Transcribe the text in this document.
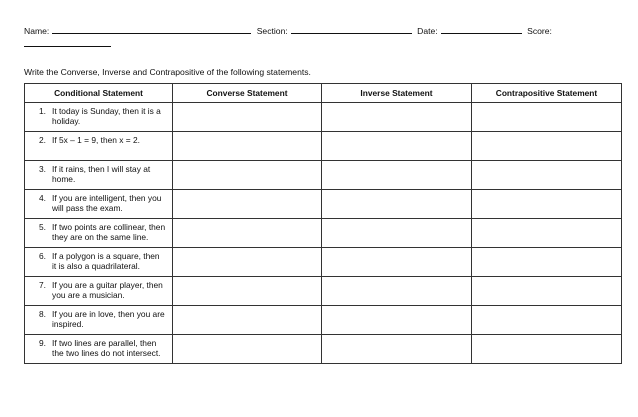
Name:	Section:	Date:	Score:
Write the Converse, Inverse and Contrapositive of the following statements.
Conditional Statement	Converse Statement	Inverse Statement	Contrapositive Statement

1. It today is Sunday, then it is a holiday.			

2. If 5x – 1 = 9, then x = 2.			

3. If it rains, then I will stay at home.			

4. If you are intelligent, then you will pass the exam.			

5. If two points are collinear, then they are on the same line.			

6. If a polygon is a square, then it is also a quadrilateral.			

7. If you are a guitar player, then you are a musician.			

8. If you are in love, then you are inspired.			

9. If two lines are parallel, then the two lines do not intersect.			
